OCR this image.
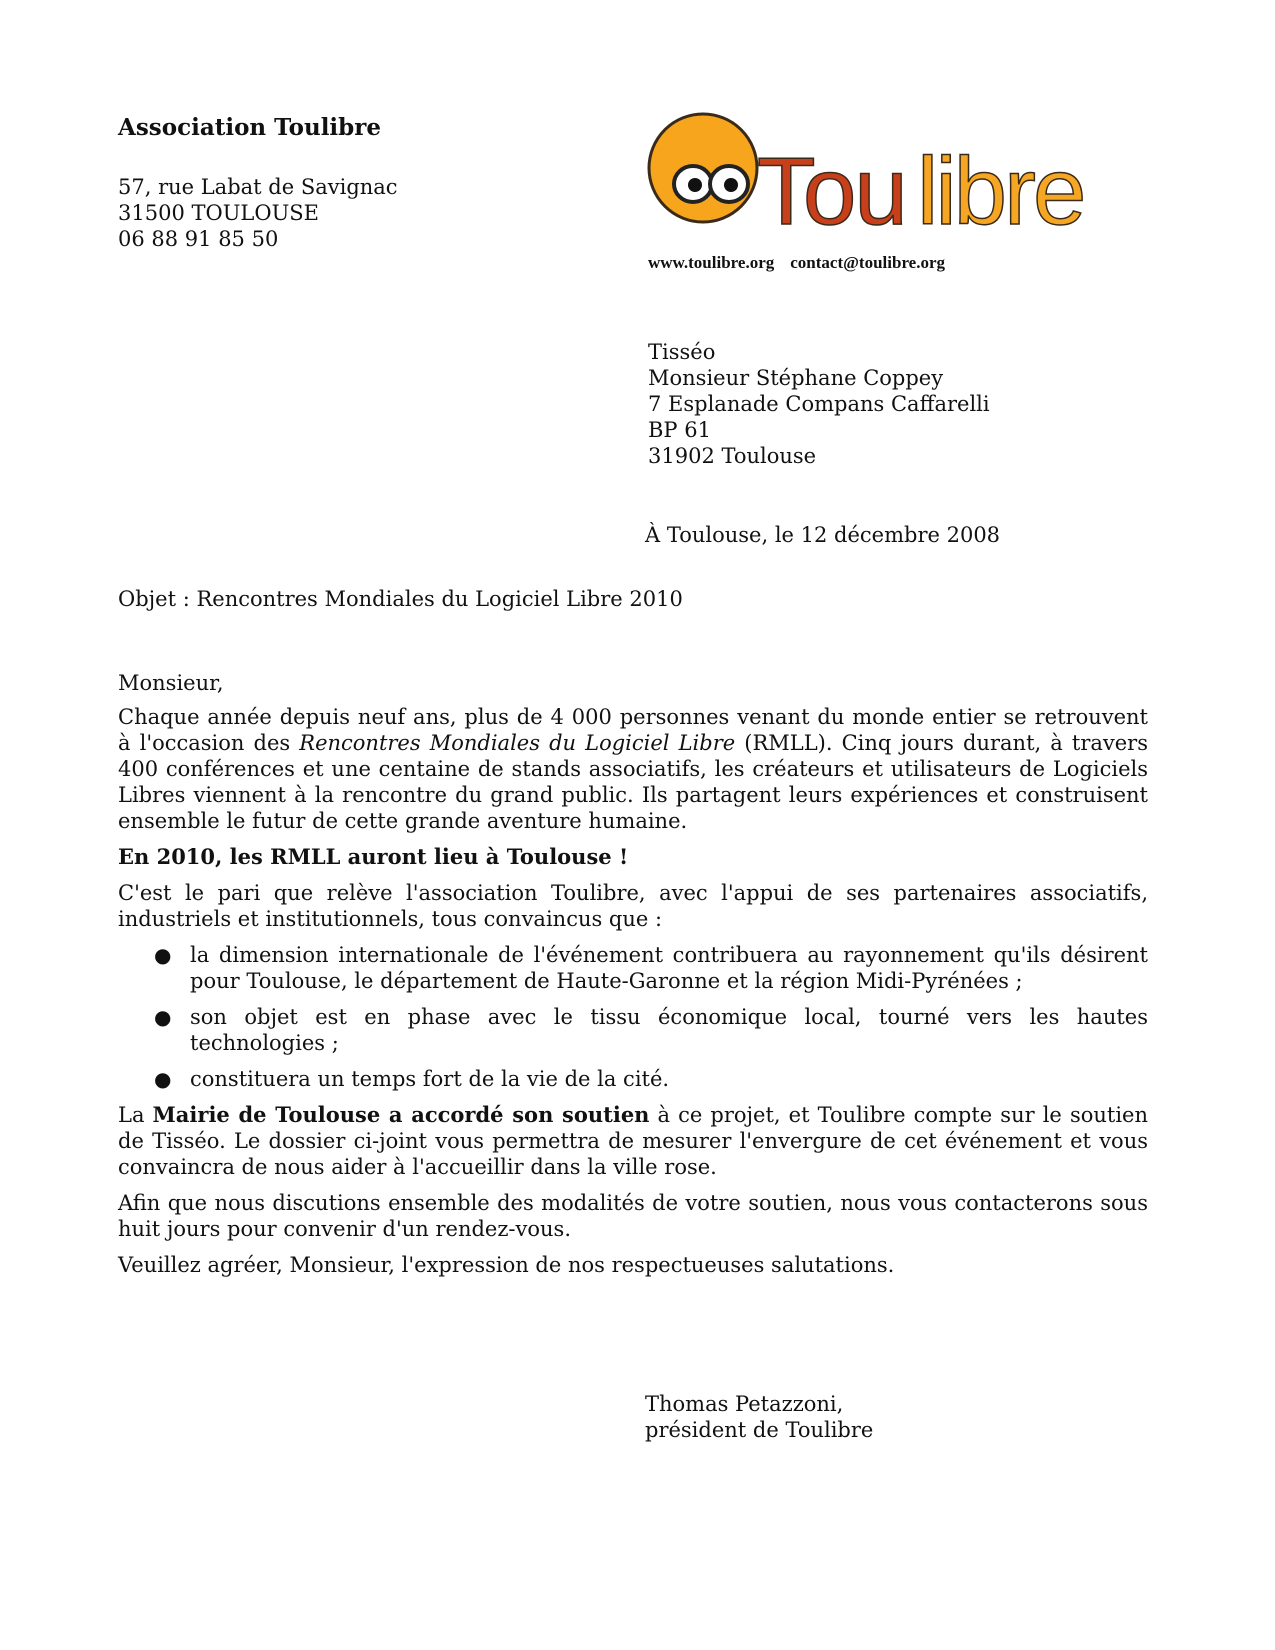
Association Toulibre
57, rue Labat de Savignac
31500 TOULOUSE
06 88 91 85 50	Tou libre
www.toulibre.org contact@toulibre.org
Tisséo
Monsieur Stéphane Coppey
7 Esplanade Compans Caffarelli
BP 61
31902 Toulouse
À Toulouse, le 12 décembre 2008
Objet : Rencontres Mondiales du Logiciel Libre 2010

Monsieur,

Chaque année depuis neuf ans, plus de 4 000 personnes venant du monde entier se retrouvent à l'occasion des Rencontres Mondiales du Logiciel Libre (RMLL). Cinq jours durant, à travers 400 conférences et une centaine de stands associatifs, les créateurs et utilisateurs de Logiciels Libres viennent à la rencontre du grand public. Ils partagent leurs expériences et construisent ensemble le futur de cette grande aventure humaine.

En 2010, les RMLL auront lieu à Toulouse !

C'est le pari que relève l'association Toulibre, avec l'appui de ses partenaires associatifs, industriels et institutionnels, tous convaincus que :

● la dimension internationale de l'événement contribuera au rayonnement qu'ils désirent pour Toulouse, le département de Haute-Garonne et la région Midi-Pyrénées ;
● son objet est en phase avec le tissu économique local, tourné vers les hautes technologies ;
● constituera un temps fort de la vie de la cité.

La Mairie de Toulouse a accordé son soutien à ce projet, et Toulibre compte sur le soutien de Tisséo. Le dossier ci-joint vous permettra de mesurer l'envergure de cet événement et vous convaincra de nous aider à l'accueillir dans la ville rose.

Afin que nous discutions ensemble des modalités de votre soutien, nous vous contacterons sous huit jours pour convenir d'un rendez-vous.

Veuillez agréer, Monsieur, l'expression de nos respectueuses salutations.

Thomas Petazzoni,
président de Toulibre
